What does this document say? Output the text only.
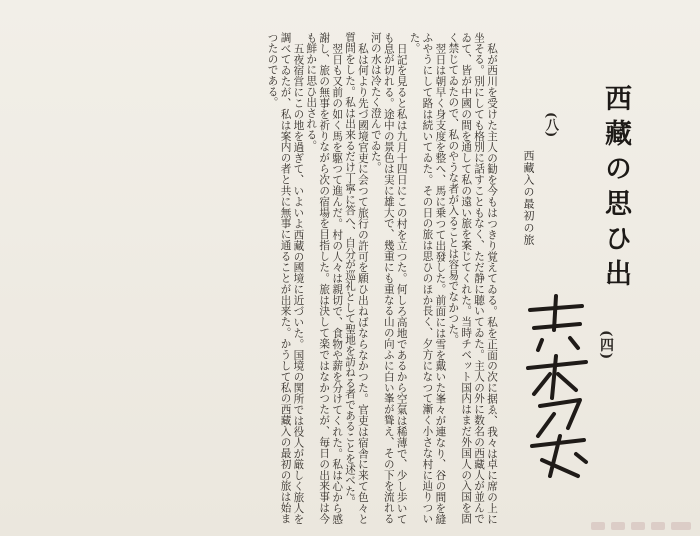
私が西川を受けた主人の勧を今もはつきり覚えてゐる。私を正面の次に据ゑ、我々は卓に席の上に坐そる。別にしても格別に話すこともなく、ただ静に聴いてゐた。主人の外に数名の西藏人が並んでゐて、皆が中國の間を通して私の遠い旅を案じてくれた。当時チベット国内はまだ外国人の入国を固く禁じてゐたので、私のやうな者が入ることは容易でなかつた。

翌日は朝早く身支度を整へ、馬に乗つて出發した。前面には雪を戴いた峯々が連なり、谷の間を縫ふやうにして路は続いてゐた。その日の旅は思ひのほか長く、夕方になつて漸く小さな村に辿りついた。

日記を見ると私は九月十四日にこの村を立つた。何しろ高地であるから空氣は稀薄で、少し歩いても息が切れる。途中の景色は実に雄大で、幾重にも重なる山の向ふに白い峯が聳え、その下を流れる河の水は冷たく澄んでゐた。

私は何より先づ國境官吏に会つて旅行の許可を願ひ出ねばならなかつた。官吏は宿舎に来て色々と質問をした。私は出来るだけ丁寧に答へ、自分が巡礼として聖地を訪ねる者であることを述べた。

翌日も又前の如く馬を駆つて進んだ。村の人々は親切で、食物や薪を分けてくれた。私は心から感謝し、旅の無事を祈りながら次の宿場を目指した。旅は決して楽ではなかつたが、毎日の出来事は今も鮮かに思ひ出される。

五夜宿営にこの地を過ぎて、いよいよ西藏の國境に近づいた。国境の関所では役人が厳しく旅人を調べてゐたが、私は案内の者と共に無事に通ることが出来た。かうして私の西藏入の最初の旅は始まつたのである。

西藏の思ひ出
(四)
(八)
西藏入の最初の旅
